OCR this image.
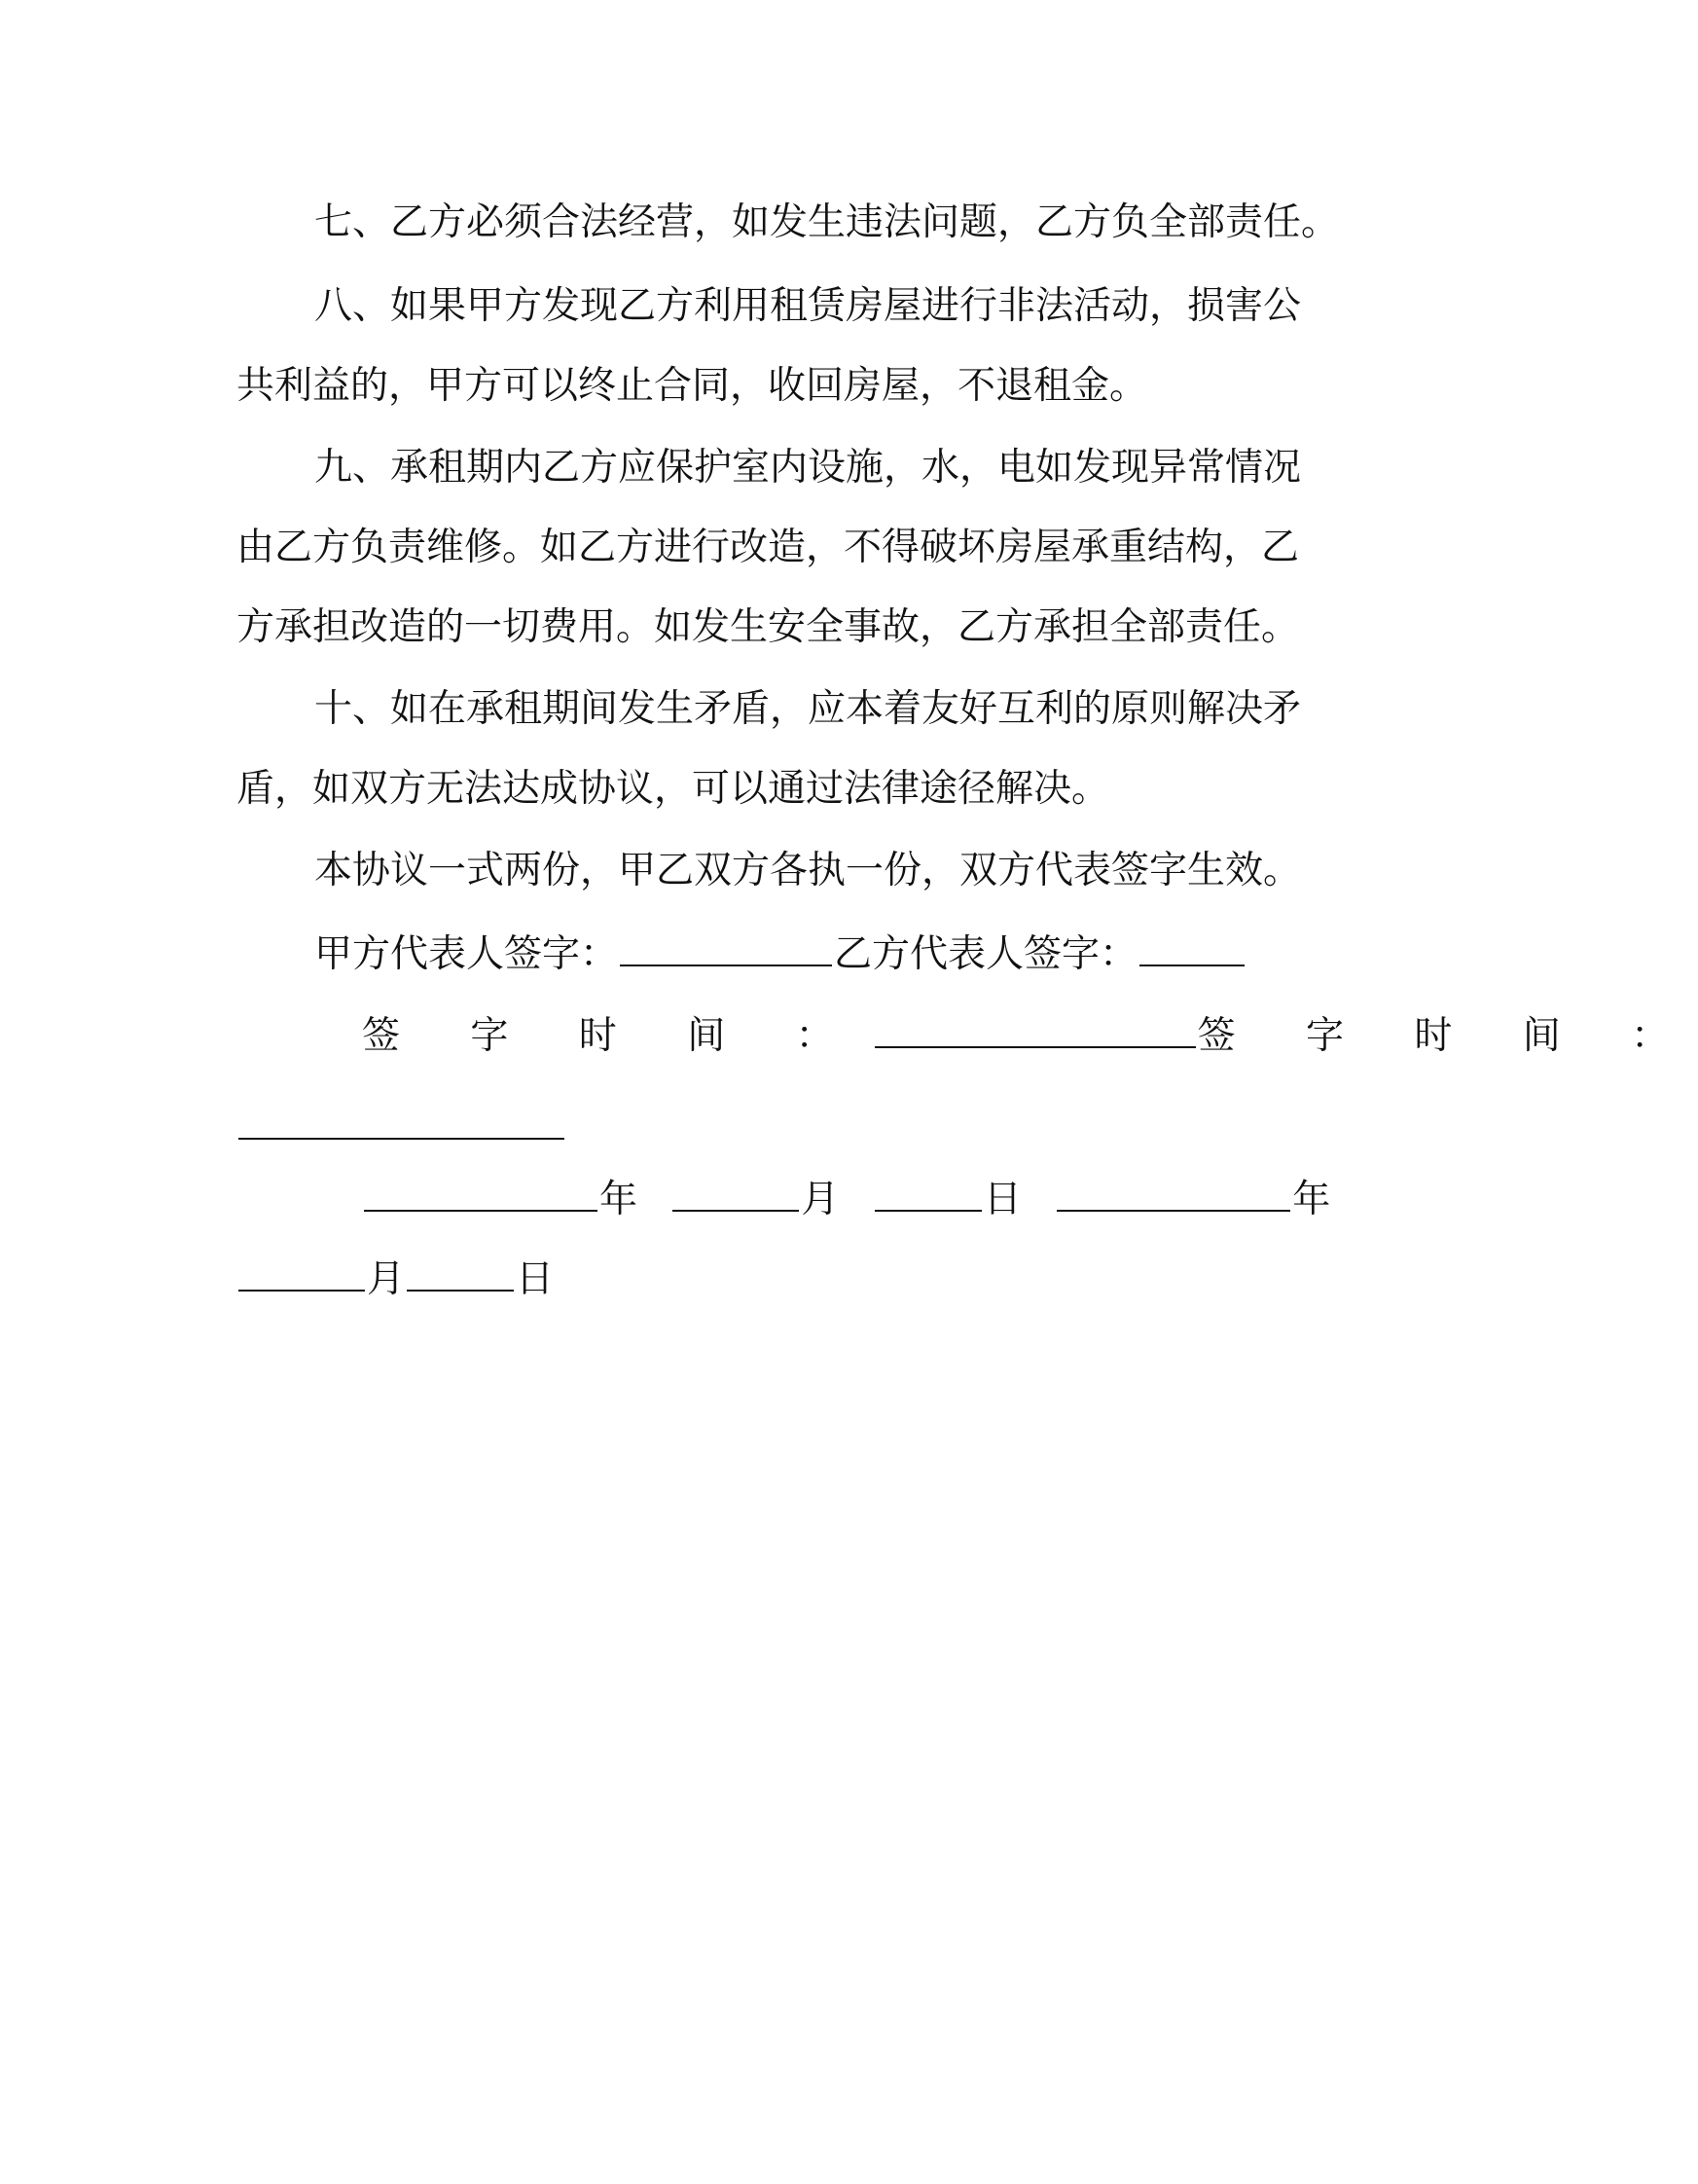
七、乙方必须合法经营，如发生违法问题，乙方负全部责任。
八、如果甲方发现乙方利用租赁房屋进行非法活动，损害公
共利益的，甲方可以终止合同，收回房屋，不退租金。
九、承租期内乙方应保护室内设施，水，电如发现异常情况
由乙方负责维修。如乙方进行改造，不得破坏房屋承重结构，乙
方承担改造的一切费用。如发生安全事故，乙方承担全部责任。
十、如在承租期间发生矛盾，应本着友好互利的原则解决矛
盾，如双方无法达成协议，可以通过法律途径解决。
本协议一式两份，甲乙双方各执一份，双方代表签字生效。
甲方代表人签字：	乙方代表人签字：
签 字 时 间 ：	签 字 时 间 ：
年	月	日	年
月	日
